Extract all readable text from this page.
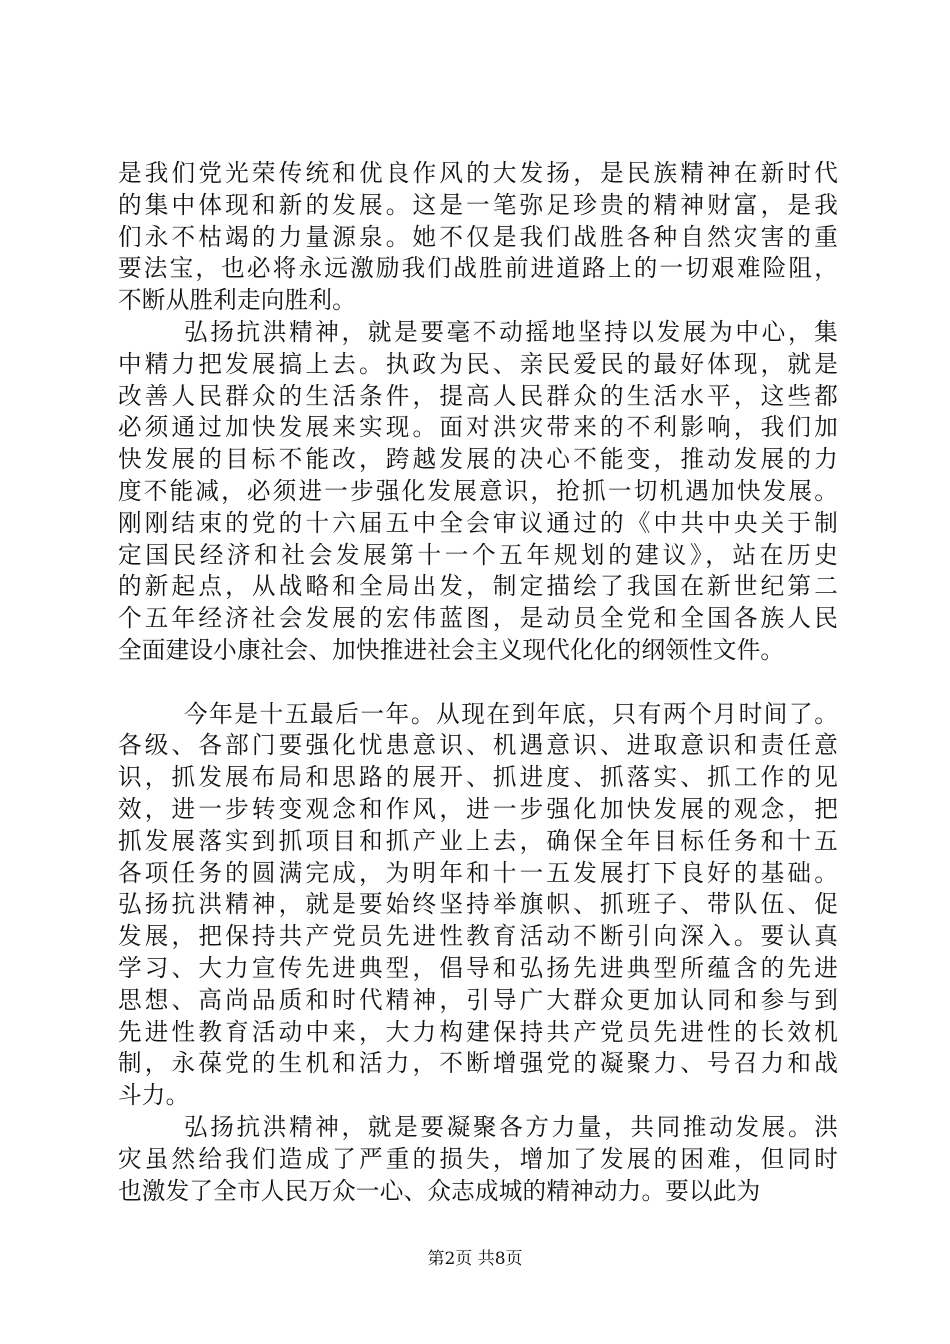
是我们党光荣传统和优良作风的大发扬，是民族精神在新时代
的集中体现和新的发展。这是一笔弥足珍贵的精神财富，是我
们永不枯竭的力量源泉。她不仅是我们战胜各种自然灾害的重
要法宝，也必将永远激励我们战胜前进道路上的一切艰难险阻，
不断从胜利走向胜利。
弘扬抗洪精神，就是要毫不动摇地坚持以发展为中心，集
中精力把发展搞上去。执政为民、亲民爱民的最好体现，就是
改善人民群众的生活条件，提高人民群众的生活水平，这些都
必须通过加快发展来实现。面对洪灾带来的不利影响，我们加
快发展的目标不能改，跨越发展的决心不能变，推动发展的力
度不能减，必须进一步强化发展意识，抢抓一切机遇加快发展。
刚刚结束的党的十六届五中全会审议通过的《中共中央关于制
定国民经济和社会发展第十一个五年规划的建议》，站在历史
的新起点，从战略和全局出发，制定描绘了我国在新世纪第二
个五年经济社会发展的宏伟蓝图，是动员全党和全国各族人民
全面建设小康社会、加快推进社会主义现代化化的纲领性文件。
今年是十五最后一年。从现在到年底，只有两个月时间了。
各级、各部门要强化忧患意识、机遇意识、进取意识和责任意
识，抓发展布局和思路的展开、抓进度、抓落实、抓工作的见
效，进一步转变观念和作风，进一步强化加快发展的观念，把
抓发展落实到抓项目和抓产业上去，确保全年目标任务和十五
各项任务的圆满完成，为明年和十一五发展打下良好的基础。
弘扬抗洪精神，就是要始终坚持举旗帜、抓班子、带队伍、促
发展，把保持共产党员先进性教育活动不断引向深入。要认真
学习、大力宣传先进典型，倡导和弘扬先进典型所蕴含的先进
思想、高尚品质和时代精神，引导广大群众更加认同和参与到
先进性教育活动中来，大力构建保持共产党员先进性的长效机
制，永葆党的生机和活力，不断增强党的凝聚力、号召力和战
斗力。
弘扬抗洪精神，就是要凝聚各方力量，共同推动发展。洪
灾虽然给我们造成了严重的损失，增加了发展的困难，但同时
也激发了全市人民万众一心、众志成城的精神动力。要以此为
第2页 共8页
